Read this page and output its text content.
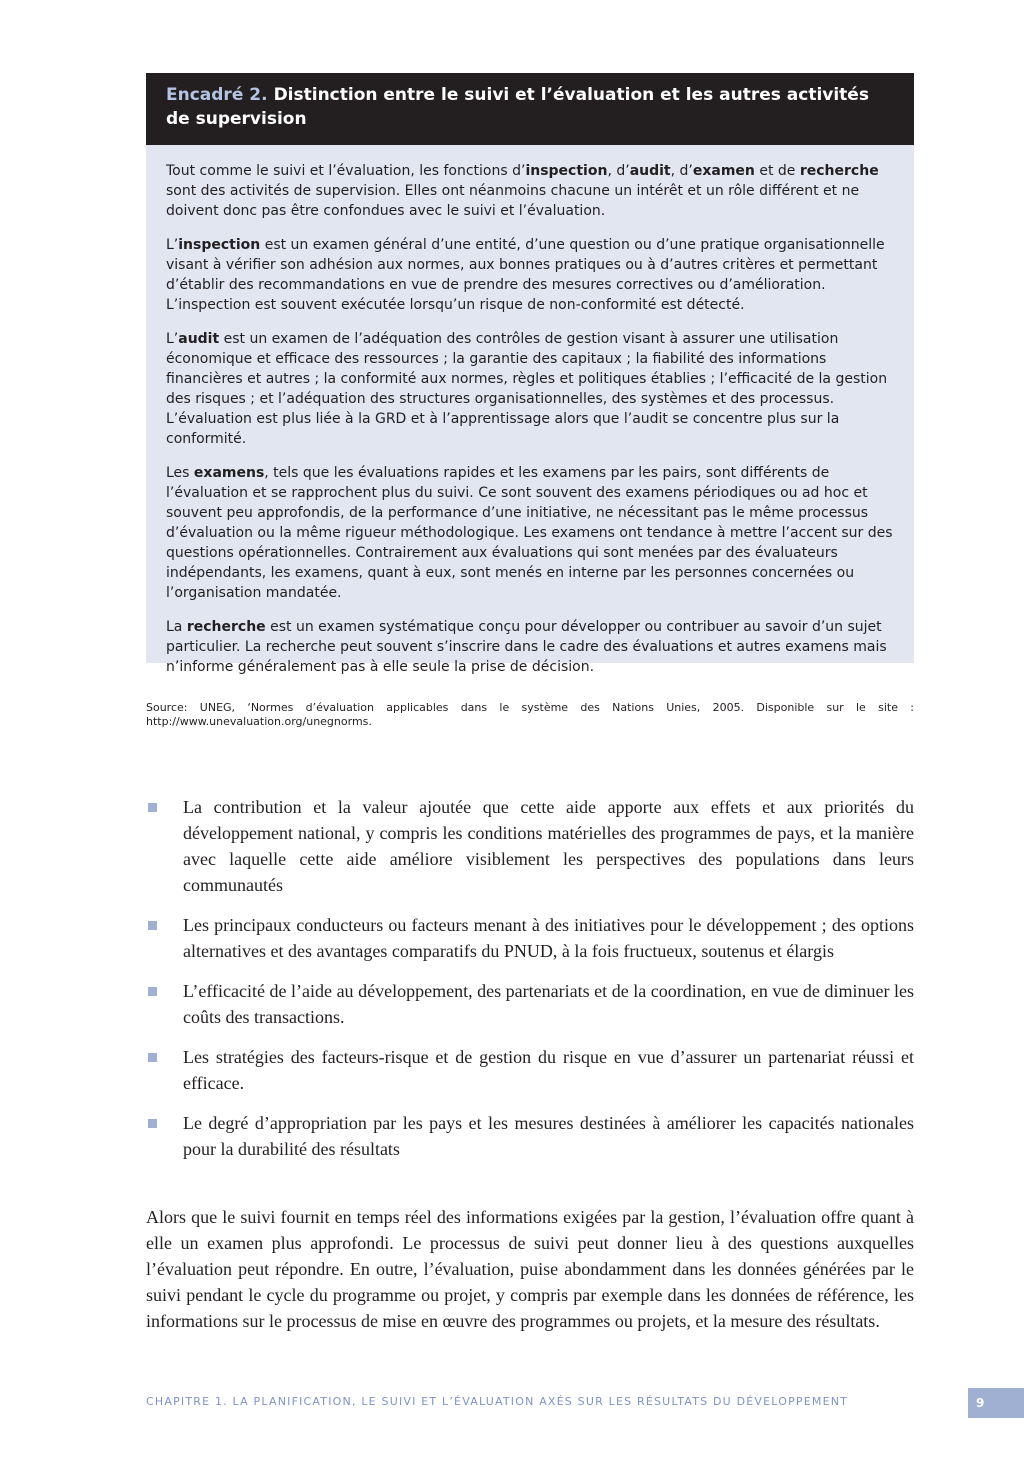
Encadré 2. Distinction entre le suivi et l’évaluation et les autres activités de supervision

Tout comme le suivi et l’évaluation, les fonctions d’inspection, d’audit, d’examen et de recherche sont des activités de supervision. Elles ont néanmoins chacune un intérêt et un rôle différent et ne doivent donc pas être confondues avec le suivi et l’évaluation.

L’inspection est un examen général d’une entité, d’une question ou d’une pratique organisationnelle visant à vérifier son adhésion aux normes, aux bonnes pratiques ou à d’autres critères et permettant d’établir des recommandations en vue de prendre des mesures correctives ou d’amélioration. L’inspection est souvent exécutée lorsqu’un risque de non-conformité est détecté.

L’audit est un examen de l’adéquation des contrôles de gestion visant à assurer une utilisation économique et efficace des ressources ; la garantie des capitaux ; la fiabilité des informations financières et autres ; la conformité aux normes, règles et politiques établies ; l’efficacité de la gestion des risques ; et l’adéquation des structures organisationnelles, des systèmes et des processus. L’évaluation est plus liée à la GRD et à l’apprentissage alors que l’audit se concentre plus sur la conformité.

Les examens, tels que les évaluations rapides et les examens par les pairs, sont différents de l’évaluation et se rapprochent plus du suivi. Ce sont souvent des examens périodiques ou ad hoc et souvent peu approfondis, de la performance d’une initiative, ne nécessitant pas le même processus d’évaluation ou la même rigueur méthodologique. Les examens ont tendance à mettre l’accent sur des questions opérationnelles. Contrairement aux évaluations qui sont menées par des évaluateurs indépendants, les examens, quant à eux, sont menés en interne par les personnes concernées ou l’organisation mandatée.

La recherche est un examen systématique conçu pour développer ou contribuer au savoir d’un sujet particulier. La recherche peut souvent s’inscrire dans le cadre des évaluations et autres examens mais n’informe généralement pas à elle seule la prise de décision.

Source: UNEG, ‘Normes d’évaluation applicables dans le système des Nations Unies, 2005. Disponible sur le site : http://www.unevaluation.org/unegnorms.
La contribution et la valeur ajoutée que cette aide apporte aux effets et aux priorités du développement national, y compris les conditions matérielles des programmes de pays, et la manière avec laquelle cette aide améliore visiblement les perspectives des populations dans leurs communautés
Les principaux conducteurs ou facteurs menant à des initiatives pour le développement ; des options alternatives et des avantages comparatifs du PNUD, à la fois fructueux, soutenus et élargis
L’efficacité de l’aide au développement, des partenariats et de la coordination, en vue de diminuer les coûts des transactions.
Les stratégies des facteurs-risque et de gestion du risque en vue d’assurer un partenariat réussi et efficace.
Le degré d’appropriation par les pays et les mesures destinées à améliorer les capacités nationales pour la durabilité des résultats
Alors que le suivi fournit en temps réel des informations exigées par la gestion, l’évaluation offre quant à elle un examen plus approfondi. Le processus de suivi peut donner lieu à des questions auxquelles l’évaluation peut répondre. En outre, l’évaluation, puise abondamment dans les données générées par le suivi pendant le cycle du programme ou projet, y compris par exemple dans les données de référence, les informations sur le processus de mise en œuvre des programmes ou projets, et la mesure des résultats.
CHAPITRE 1. LA PLANIFICATION, LE SUIVI ET L’ÉVALUATION AXÉS SUR LES RÉSULTATS DU DÉVELOPPEMENT	9
